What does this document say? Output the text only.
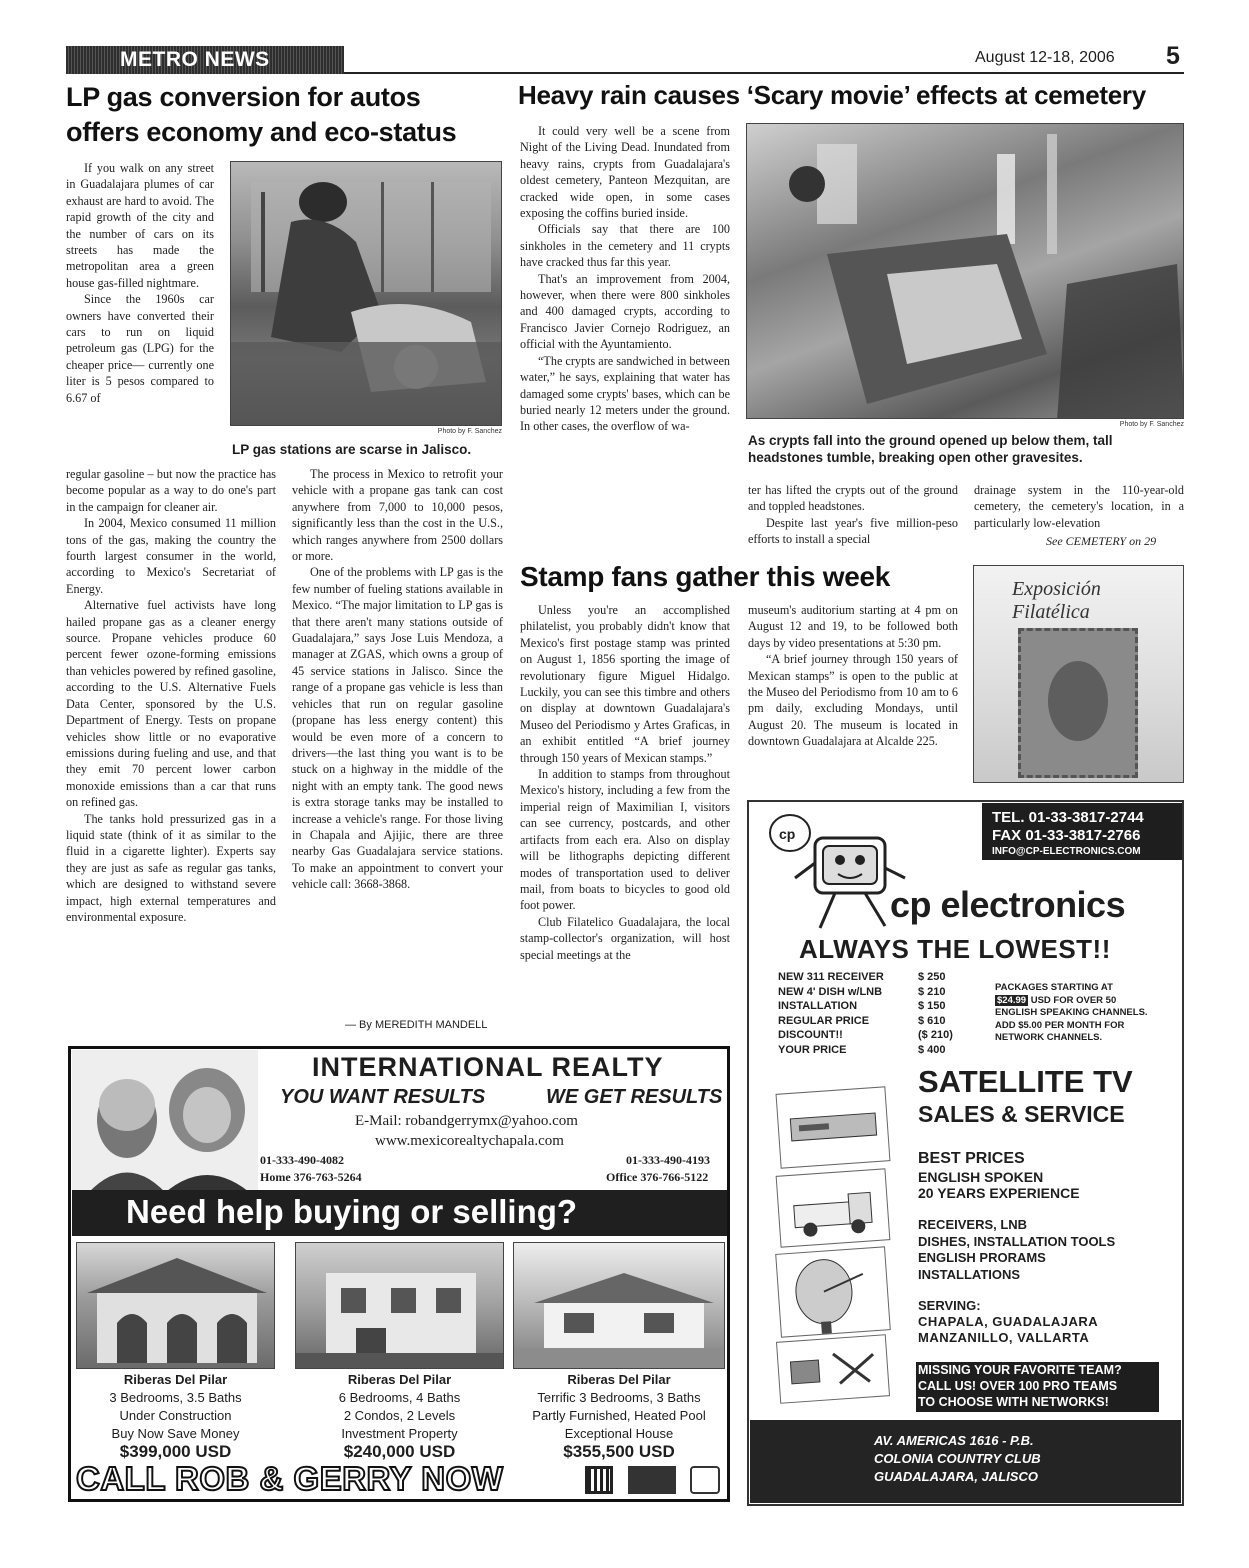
METRO NEWS	August 12-18, 2006 5
LP gas conversion for autos
offers economy and eco-status
Photo by F. Sanchez
LP gas stations are scarse in Jalisco.

If you walk on any street in Guadalajara plumes of car exhaust are hard to avoid. The rapid growth of the city and the number of cars on its streets has made the metropolitan area a green house gas-filled nightmare.

Since the 1960s car owners have converted their cars to run on liquid petroleum gas (LPG) for the cheaper price— currently one liter is 5 pesos compared to 6.67 of

regular gasoline – but now the practice has become popular as a way to do one's part in the campaign for cleaner air.

In 2004, Mexico consumed 11 million tons of the gas, making the country the fourth largest consumer in the world, according to Mexico's Secretariat of Energy.

Alternative fuel activists have long hailed propane gas as a cleaner energy source. Propane vehicles produce 60 percent fewer ozone-forming emissions than vehicles powered by refined gasoline, according to the U.S. Alternative Fuels Data Center, sponsored by the U.S. Department of Energy. Tests on propane vehicles show little or no evaporative emissions during fueling and use, and that they emit 70 percent lower carbon monoxide emissions than a car that runs on refined gas.

The tanks hold pressurized gas in a liquid state (think of it as similar to the fluid in a cigarette lighter). Experts say they are just as safe as regular gas tanks, which are designed to withstand severe impact, high external temperatures and environmental exposure.

The process in Mexico to retrofit your vehicle with a propane gas tank can cost anywhere from 7,000 to 10,000 pesos, significantly less than the cost in the U.S., which ranges anywhere from 2500 dollars or more.

One of the problems with LP gas is the few number of fueling stations available in Mexico. “The major limitation to LP gas is that there aren't many stations outside of Guadalajara,” says Jose Luis Mendoza, a manager at ZGAS, which owns a group of 45 service stations in Jalisco. Since the range of a propane gas vehicle is less than vehicles that run on regular gasoline (propane has less energy content) this would be even more of a concern to drivers—the last thing you want is to be stuck on a highway in the middle of the night with an empty tank. The good news is extra storage tanks may be installed to increase a vehicle's range. For those living in Chapala and Ajijic, there are three nearby Gas Guadalajara service stations. To make an appointment to convert your vehicle call: 3668-3868.

— By MEREDITH MANDELL
Heavy rain causes ‘Scary movie’ effects at cemetery

It could very well be a scene from Night of the Living Dead. Inundated from heavy rains, crypts from Guadalajara's oldest cemetery, Panteon Mezquitan, are cracked wide open, in some cases exposing the coffins buried inside.

Officials say that there are 100 sinkholes in the cemetery and 11 crypts have cracked thus far this year.

That's an improvement from 2004, however, when there were 800 sinkholes and 400 damaged crypts, according to Francisco Javier Cornejo Rodriguez, an official with the Ayuntamiento.

“The crypts are sandwiched in between water,” he says, explaining that water has damaged some crypts' bases, which can be buried nearly 12 meters under the ground. In other cases, the overflow of wa-	Photo by F. Sanchez
As crypts fall into the ground opened up below them, tall headstones tumble, breaking open other gravesites.

ter has lifted the crypts out of the ground and toppled headstones.

Despite last year's five million-peso efforts to install a special

drainage system in the 110-year-old cemetery, the cemetery's location, in a particularly low-elevation

See CEMETERY on 29
Stamp fans gather this week

Unless you're an accomplished philatelist, you probably didn't know that Mexico's first postage stamp was printed on August 1, 1856 sporting the image of revolutionary figure Miguel Hidalgo. Luckily, you can see this timbre and others on display at downtown Guadalajara's Museo del Periodismo y Artes Graficas, in an exhibit entitled “A brief journey through 150 years of Mexican stamps.”

In addition to stamps from throughout Mexico's history, including a few from the imperial reign of Maximilian I, visitors can see currency, postcards, and other artifacts from each era. Also on display will be lithographs depicting different modes of transportation used to deliver mail, from boats to bicycles to good old foot power.

Club Filatelico Guadalajara, the local stamp-collector's organization, will host special meetings at the

museum's auditorium starting at 4 pm on August 12 and 19, to be followed both days by video presentations at 5:30 pm.

“A brief journey through 150 years of Mexican stamps” is open to the public at the Museo del Periodismo from 10 am to 6 pm daily, excluding Mondays, until August 20. The museum is located in downtown Guadalajara at Alcalde 225.

Exposición Filatélica
INTERNATIONAL REALTY
YOU WANT RESULTS	WE GET RESULTS
E-Mail: robandgerrymx@yahoo.com
www.mexicorealtychapala.com
01-333-490-4082
Home 376-763-5264
01-333-490-4193
Office 376-766-5122
Need help buying or selling?
Riberas Del Pilar
3 Bedrooms, 3.5 Baths
Under Construction
Buy Now Save Money
$399,000 USD
Riberas Del Pilar
6 Bedrooms, 4 Baths
2 Condos, 2 Levels
Investment Property
$240,000 USD
Riberas Del Pilar
Terrific 3 Bedrooms, 3 Baths
Partly Furnished, Heated Pool
Exceptional House
$355,500 USD
CALL ROB & GERRY NOW
TEL. 01-33-3817-2744
FAX 01-33-3817-2766
INFO@CP-ELECTRONICS.COM
cp
cp electronics
ALWAYS THE LOWEST!!
NEW 311 RECEIVER	$ 250
NEW 4' DISH w/LNB	$ 210
INSTALLATION	$ 150
REGULAR PRICE	$ 610
DISCOUNT!!	($ 210)
YOUR PRICE	$ 400
PACKAGES STARTING AT
$24.99 USD FOR OVER 50
ENGLISH SPEAKING CHANNELS.
ADD $5.00 PER MONTH FOR
NETWORK CHANNELS.
SATELLITE TV
SALES & SERVICE
BEST PRICES
ENGLISH SPOKEN
20 YEARS EXPERIENCE
RECEIVERS, LNB
DISHES, INSTALLATION TOOLS
ENGLISH PRORAMS
INSTALLATIONS
SERVING:
CHAPALA, GUADALAJARA
MANZANILLO, VALLARTA
MISSING YOUR FAVORITE TEAM?
CALL US! OVER 100 PRO TEAMS
TO CHOOSE WITH NETWORKS!
AV. AMERICAS 1616 - P.B.
COLONIA COUNTRY CLUB
GUADALAJARA, JALISCO
